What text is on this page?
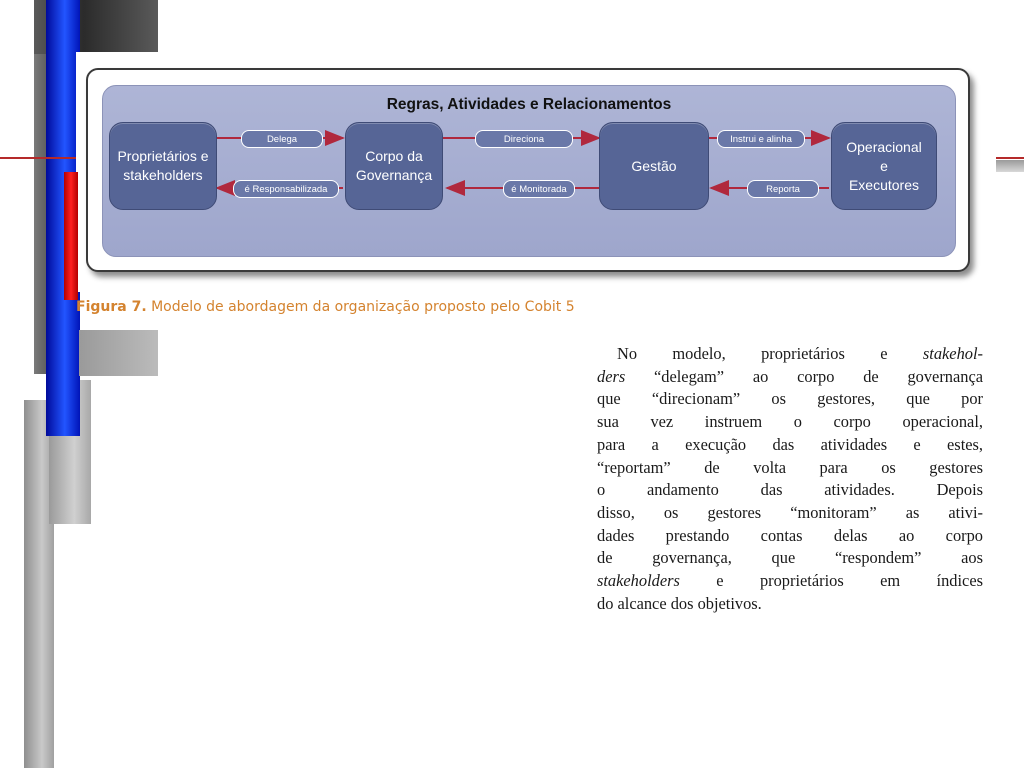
Regras, Atividades e Relacionamentos
Proprietários e
stakeholders
Corpo da
Governança
Gestão
Operacional
e
Executores
Delega
é Responsabilizada
Direciona
é Monitorada
Instrui e alinha
Reporta
Figura 7. Modelo de abordagem da organização proposto pelo Cobit 5
No modelo, proprietários e stakehol-
ders “delegam” ao corpo de governança
que “direcionam” os gestores, que por
sua vez instruem o corpo operacional,
para a execução das atividades e estes,
“reportam” de volta para os gestores
o andamento das atividades. Depois
disso, os gestores “monitoram” as ativi-
dades prestando contas delas ao corpo
de governança, que “respondem” aos
stakeholders e proprietários em índices
do alcance dos objetivos.
